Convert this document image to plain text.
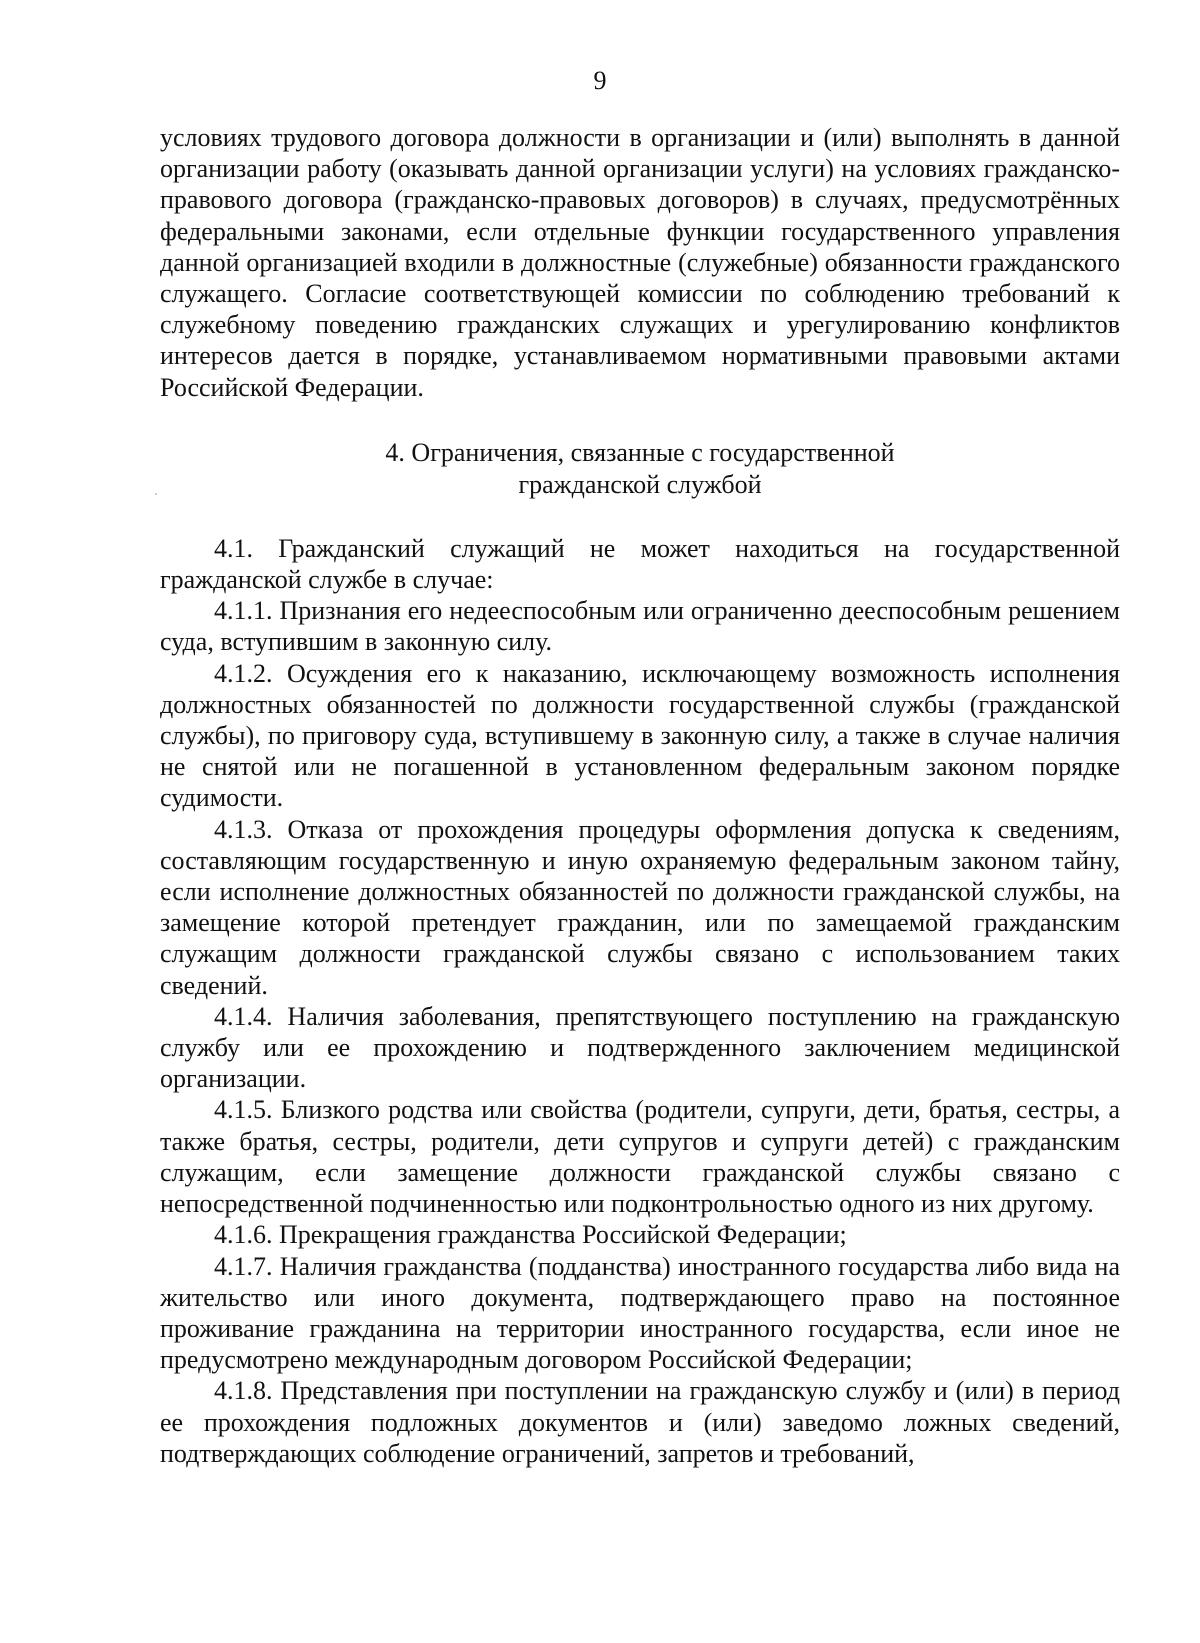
9

условиях трудового договора должности в организации и (или) выполнять в данной организации работу (оказывать данной организации услуги) на условиях гражданско-правового договора (гражданско-правовых договоров) в случаях, предусмотрённых федеральными законами, если отдельные функции государственного управления данной организацией входили в должностные (служебные) обязанности гражданского служащего. Согласие соответствующей комиссии по соблюдению требований к служебному поведению гражданских служащих и урегулированию конфликтов интересов дается в порядке, устанавливаемом нормативными правовыми актами Российской Федерации.

4. Ограничения, связанные с государственной
гражданской службой

4.1. Гражданский служащий не может находиться на государственной гражданской службе в случае:

4.1.1. Признания его недееспособным или ограниченно дееспособным решением суда, вступившим в законную силу.

4.1.2. Осуждения его к наказанию, исключающему возможность исполнения должностных обязанностей по должности государственной службы (гражданской службы), по приговору суда, вступившему в законную силу, а также в случае наличия не снятой или не погашенной в установленном федеральным законом порядке судимости.

4.1.3. Отказа от прохождения процедуры оформления допуска к сведениям, составляющим государственную и иную охраняемую федеральным законом тайну, если исполнение должностных обязанностей по должности гражданской службы, на замещение которой претендует гражданин, или по замещаемой гражданским служащим должности гражданской службы связано с использованием таких сведений.

4.1.4. Наличия заболевания, препятствующего поступлению на гражданскую службу или ее прохождению и подтвержденного заключением медицинской организации.

4.1.5. Близкого родства или свойства (родители, супруги, дети, братья, сестры, а также братья, сестры, родители, дети супругов и супруги детей) с гражданским служащим, если замещение должности гражданской службы связано с непосредственной подчиненностью или подконтрольностью одного из них другому.

4.1.6. Прекращения гражданства Российской Федерации;

4.1.7. Наличия гражданства (подданства) иностранного государства либо вида на жительство или иного документа, подтверждающего право на постоянное проживание гражданина на территории иностранного государства, если иное не предусмотрено международным договором Российской Федерации;

4.1.8. Представления при поступлении на гражданскую службу и (или) в период ее прохождения подложных документов и (или) заведомо ложных сведений, подтверждающих соблюдение ограничений, запретов и требований,
